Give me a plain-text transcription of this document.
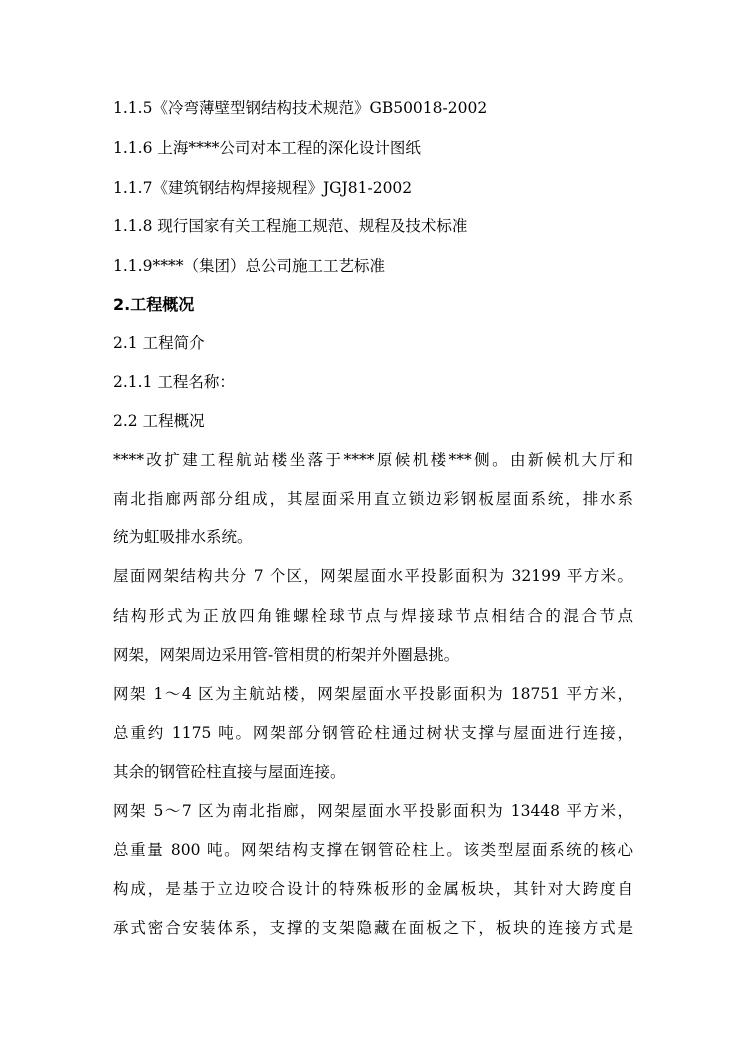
1.1.5《冷弯薄壁型钢结构技术规范》GB50018-2002
1.1.6 上海****公司对本工程的深化设计图纸
1.1.7《建筑钢结构焊接规程》JGJ81-2002
1.1.8 现行国家有关工程施工规范、规程及技术标准
1.1.9****（集团）总公司施工工艺标准
2.工程概况
2.1 工程简介
2.1.1 工程名称：
2.2 工程概况
****改扩建工程航站楼坐落于****原候机楼***侧。由新候机大厅和
南北指廊两部分组成，其屋面采用直立锁边彩钢板屋面系统，排水系
统为虹吸排水系统。
屋面网架结构共分 7 个区，网架屋面水平投影面积为 32199 平方米。
结构形式为正放四角锥螺栓球节点与焊接球节点相结合的混合节点
网架，网架周边采用管-管相贯的桁架并外圈悬挑。
网架 1～4 区为主航站楼，网架屋面水平投影面积为 18751 平方米，
总重约 1175 吨。网架部分钢管砼柱通过树状支撑与屋面进行连接，
其余的钢管砼柱直接与屋面连接。
网架 5～7 区为南北指廊，网架屋面水平投影面积为 13448 平方米，
总重量 800 吨。网架结构支撑在钢管砼柱上。该类型屋面系统的核心
构成，是基于立边咬合设计的特殊板形的金属板块，其针对大跨度自
承式密合安装体系，支撑的支架隐藏在面板之下，板块的连接方式是
